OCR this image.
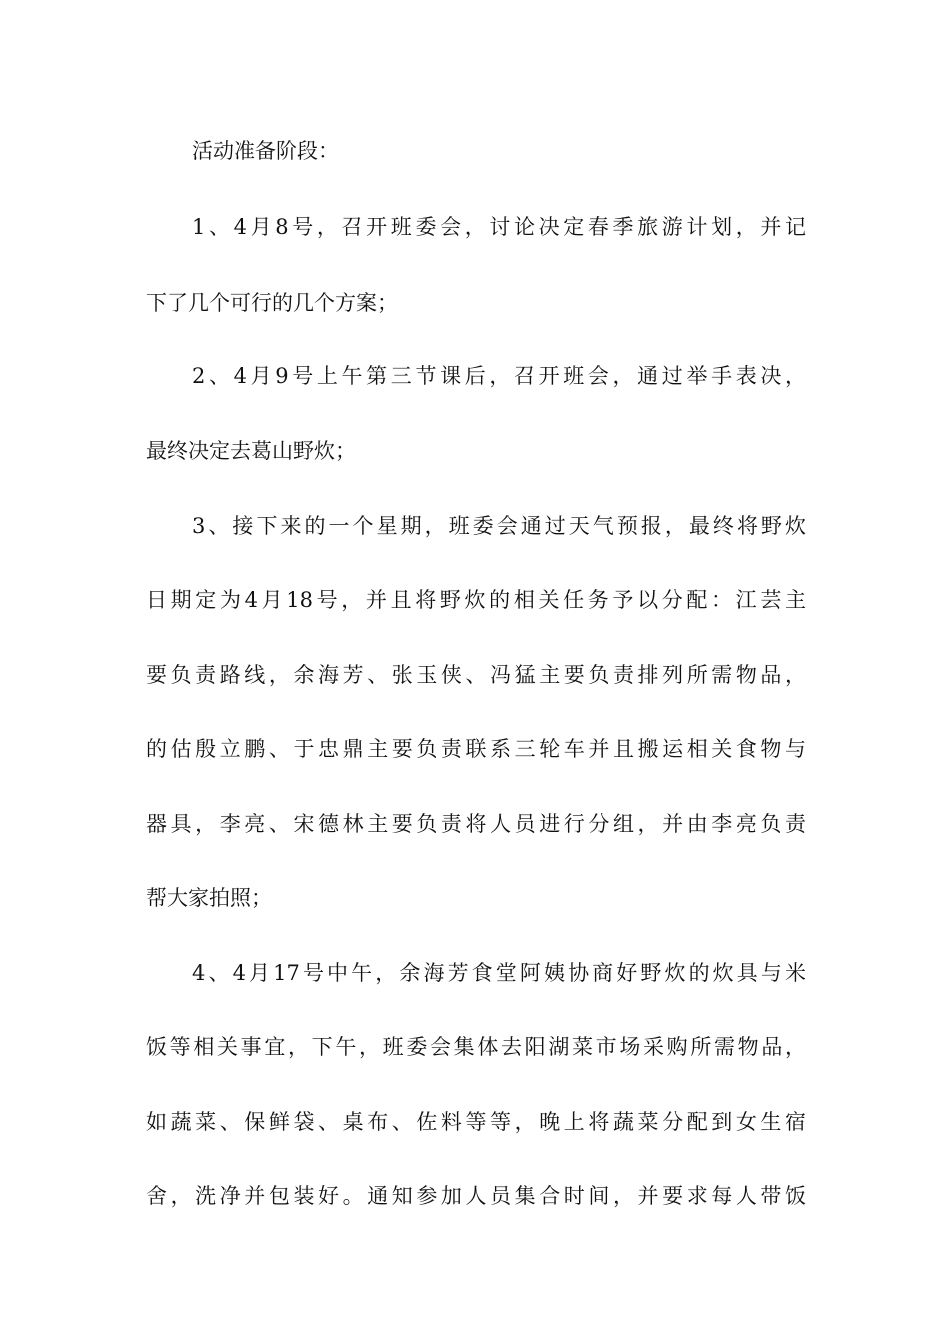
活动准备阶段：
1、4月8号，召开班委会，讨论决定春季旅游计划，并记
下了几个可行的几个方案；
2、4月9号上午第三节课后，召开班会，通过举手表决，
最终决定去葛山野炊；
3、接下来的一个星期，班委会通过天气预报，最终将野炊
日期定为4月18号，并且将野炊的相关任务予以分配：江芸主
要负责路线，余海芳、张玉侠、冯猛主要负责排列所需物品，
的估殷立鹏、于忠鼎主要负责联系三轮车并且搬运相关食物与
器具，李亮、宋德林主要负责将人员进行分组，并由李亮负责
帮大家拍照；
4、4月17号中午，余海芳食堂阿姨协商好野炊的炊具与米
饭等相关事宜，下午，班委会集体去阳湖菜市场采购所需物品，
如蔬菜、保鲜袋、桌布、佐料等等，晚上将蔬菜分配到女生宿
舍，洗净并包装好。通知参加人员集合时间，并要求每人带饭
